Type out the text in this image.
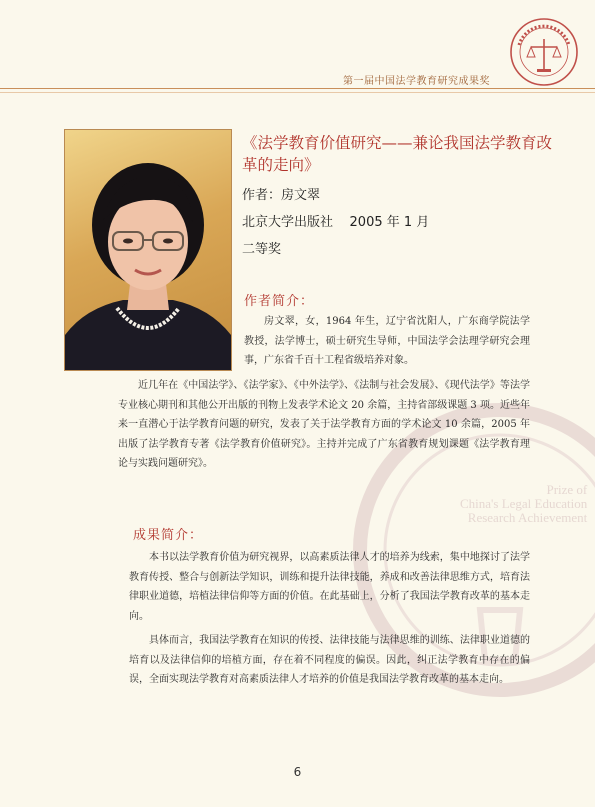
第一届中国法学教育研究成果奖
Prize of
China's Legal Education
Research Achievement
《法学教育价值研究——兼论我国法学教育改革的走向》
作者：房文翠
北京大学出版社    2005 年 1 月
二等奖
作者简介：
房文翠，女，1964 年生，辽宁省沈阳人，广东商学院法学教授，法学博士，硕士研究生导师，中国法学会法理学研究会理事，广东省千百十工程省级培养对象。
近几年在《中国法学》、《法学家》、《中外法学》、《法制与社会发展》、《现代法学》等法学专业核心期刊和其他公开出版的刊物上发表学术论文 20 余篇，主持省部级课题 3 项。近些年来一直潜心于法学教育问题的研究，发表了关于法学教育方面的学术论文 10 余篇，2005 年出版了法学教育专著《法学教育价值研究》。主持并完成了广东省教育规划课题《法学教育理论与实践问题研究》。
成果简介：
本书以法学教育价值为研究视界，以高素质法律人才的培养为线索，集中地探讨了法学教育传授、整合与创新法学知识，训练和提升法律技能，养成和改善法律思维方式，培育法律职业道德，培植法律信仰等方面的价值。在此基础上，分析了我国法学教育改革的基本走向。
具体而言，我国法学教育在知识的传授、法律技能与法律思维的训练、法律职业道德的培育以及法律信仰的培植方面，存在着不同程度的偏误。因此，纠正法学教育中存在的偏误，全面实现法学教育对高素质法律人才培养的价值是我国法学教育改革的基本走向。
6
